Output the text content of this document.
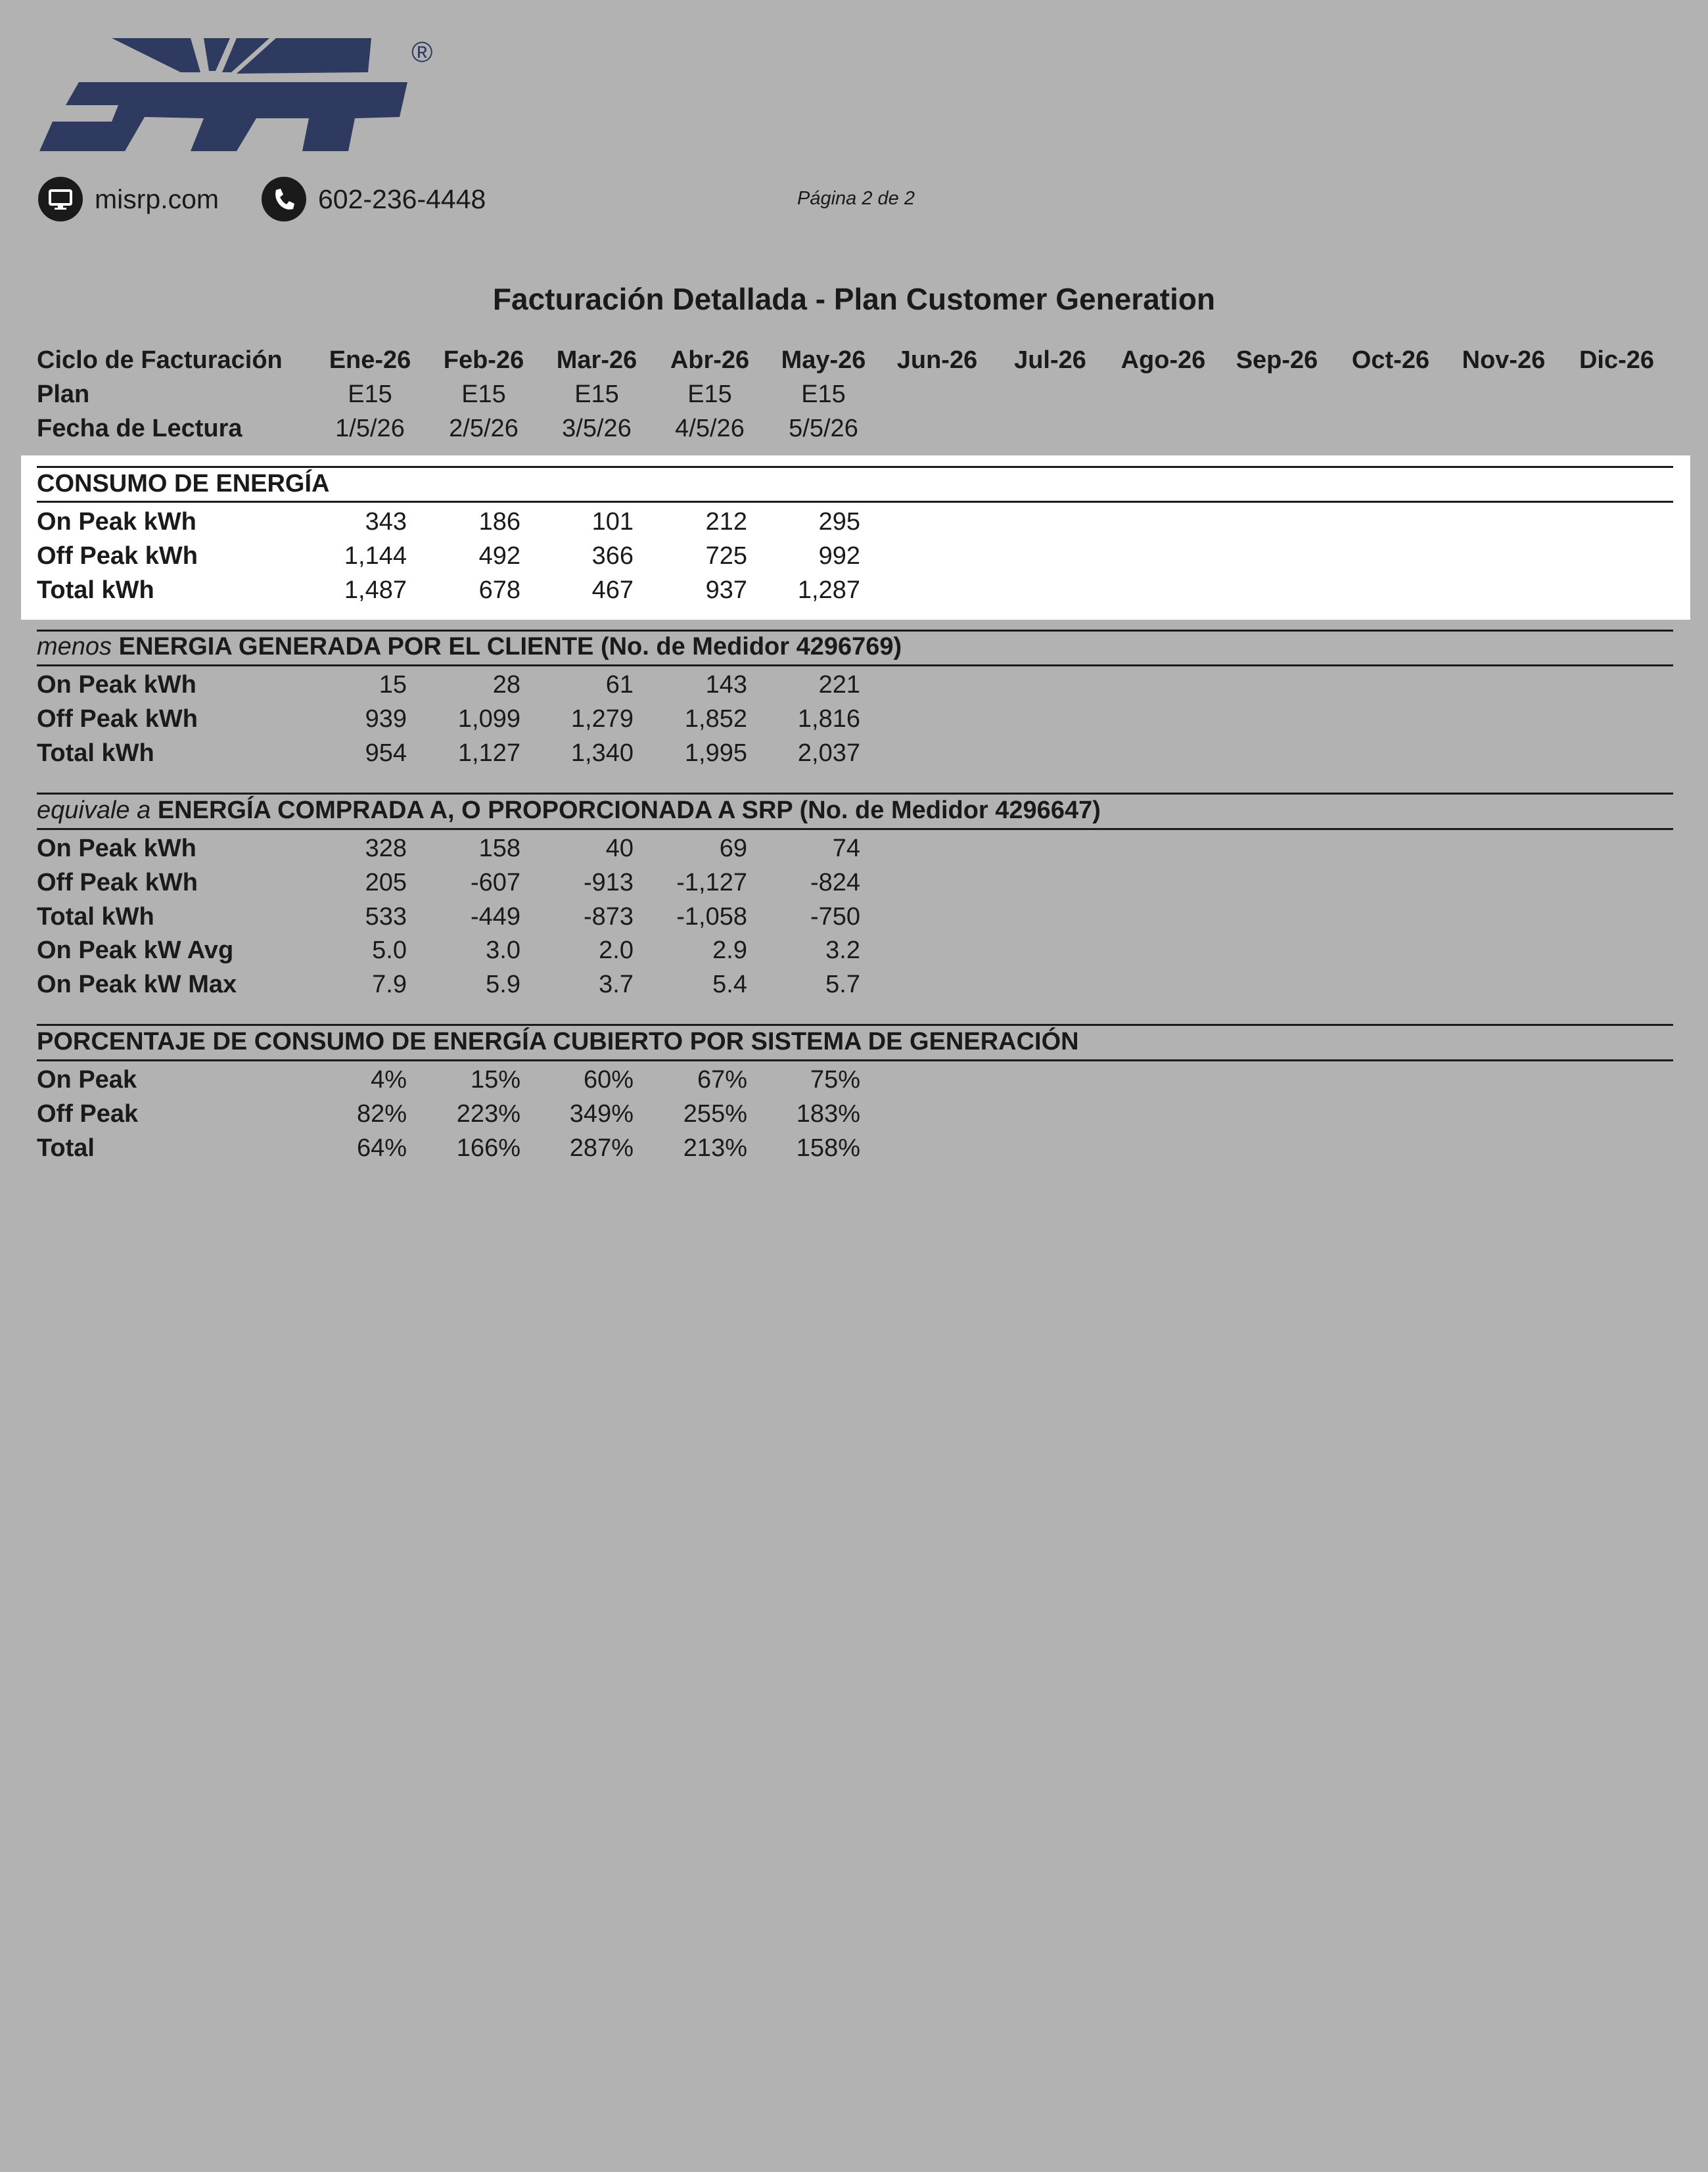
®
misrp.com	602-236-4448	Página 2 de 2
Facturación Detallada - Plan Customer Generation
Ciclo de Facturación	Ene-26	Feb-26	Mar-26	Abr-26	May-26	Jun-26	Jul-26	Ago-26	Sep-26	Oct-26	Nov-26	Dic-26
Plan	E15	E15	E15	E15	E15
Fecha de Lectura	1/5/26	2/5/26	3/5/26	4/5/26	5/5/26
CONSUMO DE ENERGÍA
On Peak kWh	343	186	101	212	295
Off Peak kWh	1,144	492	366	725	992
Total kWh	1,487	678	467	937	1,287
menos ENERGIA GENERADA POR EL CLIENTE (No. de Medidor 4296769)
On Peak kWh	15	28	61	143	221
Off Peak kWh	939	1,099	1,279	1,852	1,816
Total kWh	954	1,127	1,340	1,995	2,037
equivale a ENERGÍA COMPRADA A, O PROPORCIONADA A SRP (No. de Medidor 4296647)
On Peak kWh	328	158	40	69	74
Off Peak kWh	205	-607	-913	-1,127	-824
Total kWh	533	-449	-873	-1,058	-750
On Peak kW Avg	5.0	3.0	2.0	2.9	3.2
On Peak kW Max	7.9	5.9	3.7	5.4	5.7
PORCENTAJE DE CONSUMO DE ENERGÍA CUBIERTO POR SISTEMA DE GENERACIÓN
On Peak	4%	15%	60%	67%	75%
Off Peak	82%	223%	349%	255%	183%
Total	64%	166%	287%	213%	158%
